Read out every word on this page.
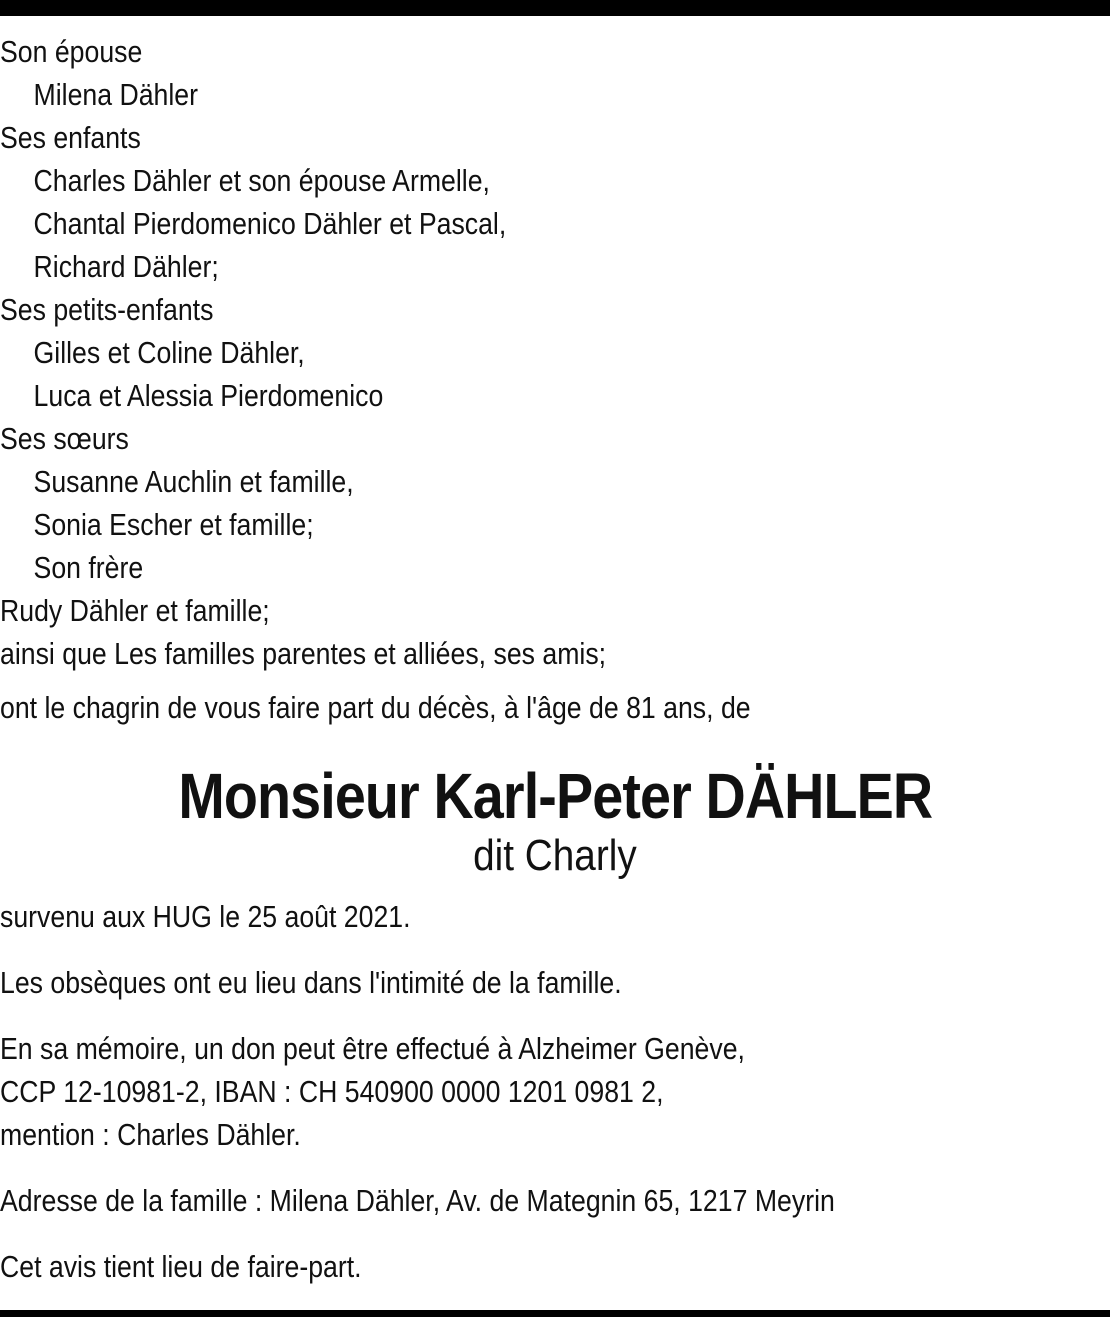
Son épouse
Milena Dähler
Ses enfants
Charles Dähler et son épouse Armelle,
Chantal Pierdomenico Dähler et Pascal,
Richard Dähler;
Ses petits-enfants
Gilles et Coline Dähler,
Luca et Alessia Pierdomenico
Ses sœurs
Susanne Auchlin et famille,
Sonia Escher et famille;
Son frère
Rudy Dähler et famille;
ainsi que Les familles parentes et alliées, ses amis;
ont le chagrin de vous faire part du décès, à l'âge de 81 ans, de
Monsieur Karl-Peter DÄHLER
dit Charly
survenu aux HUG le 25 août 2021.
Les obsèques ont eu lieu dans l'intimité de la famille.
En sa mémoire, un don peut être effectué à Alzheimer Genève,
CCP 12-10981-2, IBAN : CH 540900 0000 1201 0981 2,
mention : Charles Dähler.
Adresse de la famille : Milena Dähler, Av. de Mategnin 65, 1217 Meyrin
Cet avis tient lieu de faire-part.
